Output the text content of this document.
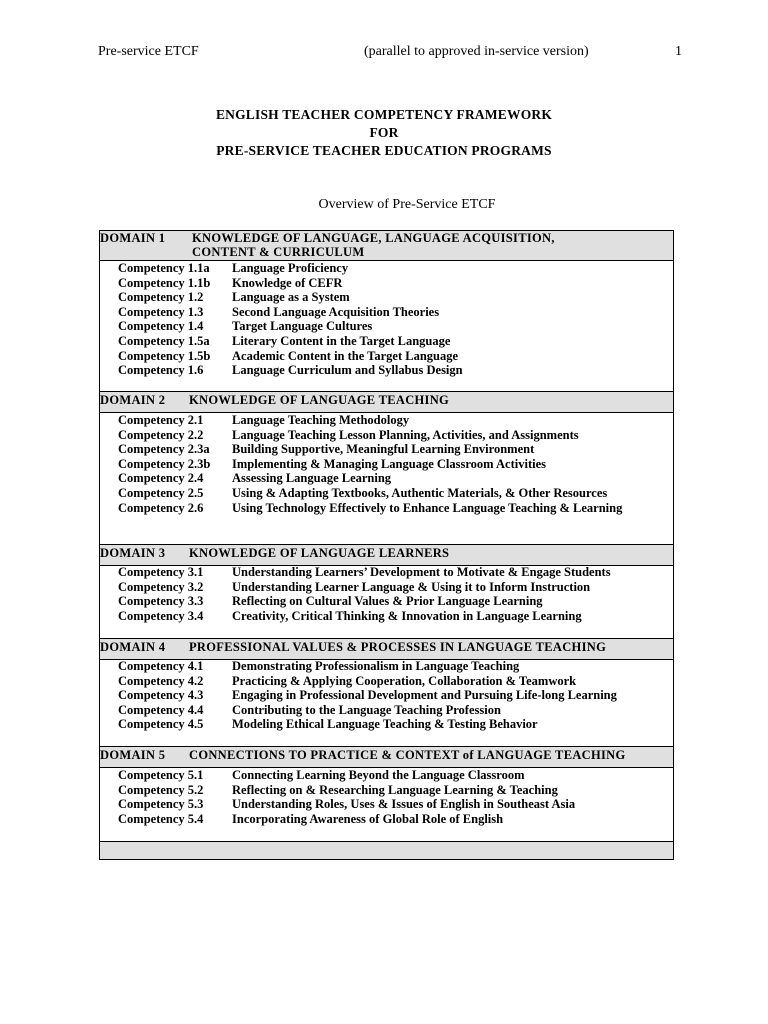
Pre-service ETCF	(parallel to approved in-service version)	1
ENGLISH TEACHER COMPETENCY FRAMEWORK
FOR
PRE-SERVICE TEACHER EDUCATION PROGRAMS
Overview of Pre-Service ETCF
DOMAIN 1 KNOWLEDGE OF LANGUAGE, LANGUAGE ACQUISITION,
CONTENT & CURRICULUM
Competency 1.1a Language Proficiency
Competency 1.1b Knowledge of CEFR
Competency 1.2 Language as a System
Competency 1.3 Second Language Acquisition Theories
Competency 1.4 Target Language Cultures
Competency 1.5a Literary Content in the Target Language
Competency 1.5b Academic Content in the Target Language
Competency 1.6 Language Curriculum and Syllabus Design
DOMAIN 2 KNOWLEDGE OF LANGUAGE TEACHING
Competency 2.1 Language Teaching Methodology
Competency 2.2 Language Teaching Lesson Planning, Activities, and Assignments
Competency 2.3a Building Supportive, Meaningful Learning Environment
Competency 2.3b Implementing & Managing Language Classroom Activities
Competency 2.4 Assessing Language Learning
Competency 2.5 Using & Adapting Textbooks, Authentic Materials, & Other Resources
Competency 2.6 Using Technology Effectively to Enhance Language Teaching & Learning
DOMAIN 3 KNOWLEDGE OF LANGUAGE LEARNERS
Competency 3.1 Understanding Learners’ Development to Motivate & Engage Students
Competency 3.2 Understanding Learner Language & Using it to Inform Instruction
Competency 3.3 Reflecting on Cultural Values & Prior Language Learning
Competency 3.4 Creativity, Critical Thinking & Innovation in Language Learning
DOMAIN 4 PROFESSIONAL VALUES & PROCESSES IN LANGUAGE TEACHING
Competency 4.1 Demonstrating Professionalism in Language Teaching
Competency 4.2 Practicing & Applying Cooperation, Collaboration & Teamwork
Competency 4.3 Engaging in Professional Development and Pursuing Life-long Learning
Competency 4.4 Contributing to the Language Teaching Profession
Competency 4.5 Modeling Ethical Language Teaching & Testing Behavior
DOMAIN 5 CONNECTIONS TO PRACTICE & CONTEXT of LANGUAGE TEACHING
Competency 5.1 Connecting Learning Beyond the Language Classroom
Competency 5.2 Reflecting on & Researching Language Learning & Teaching
Competency 5.3 Understanding Roles, Uses & Issues of English in Southeast Asia
Competency 5.4 Incorporating Awareness of Global Role of English
